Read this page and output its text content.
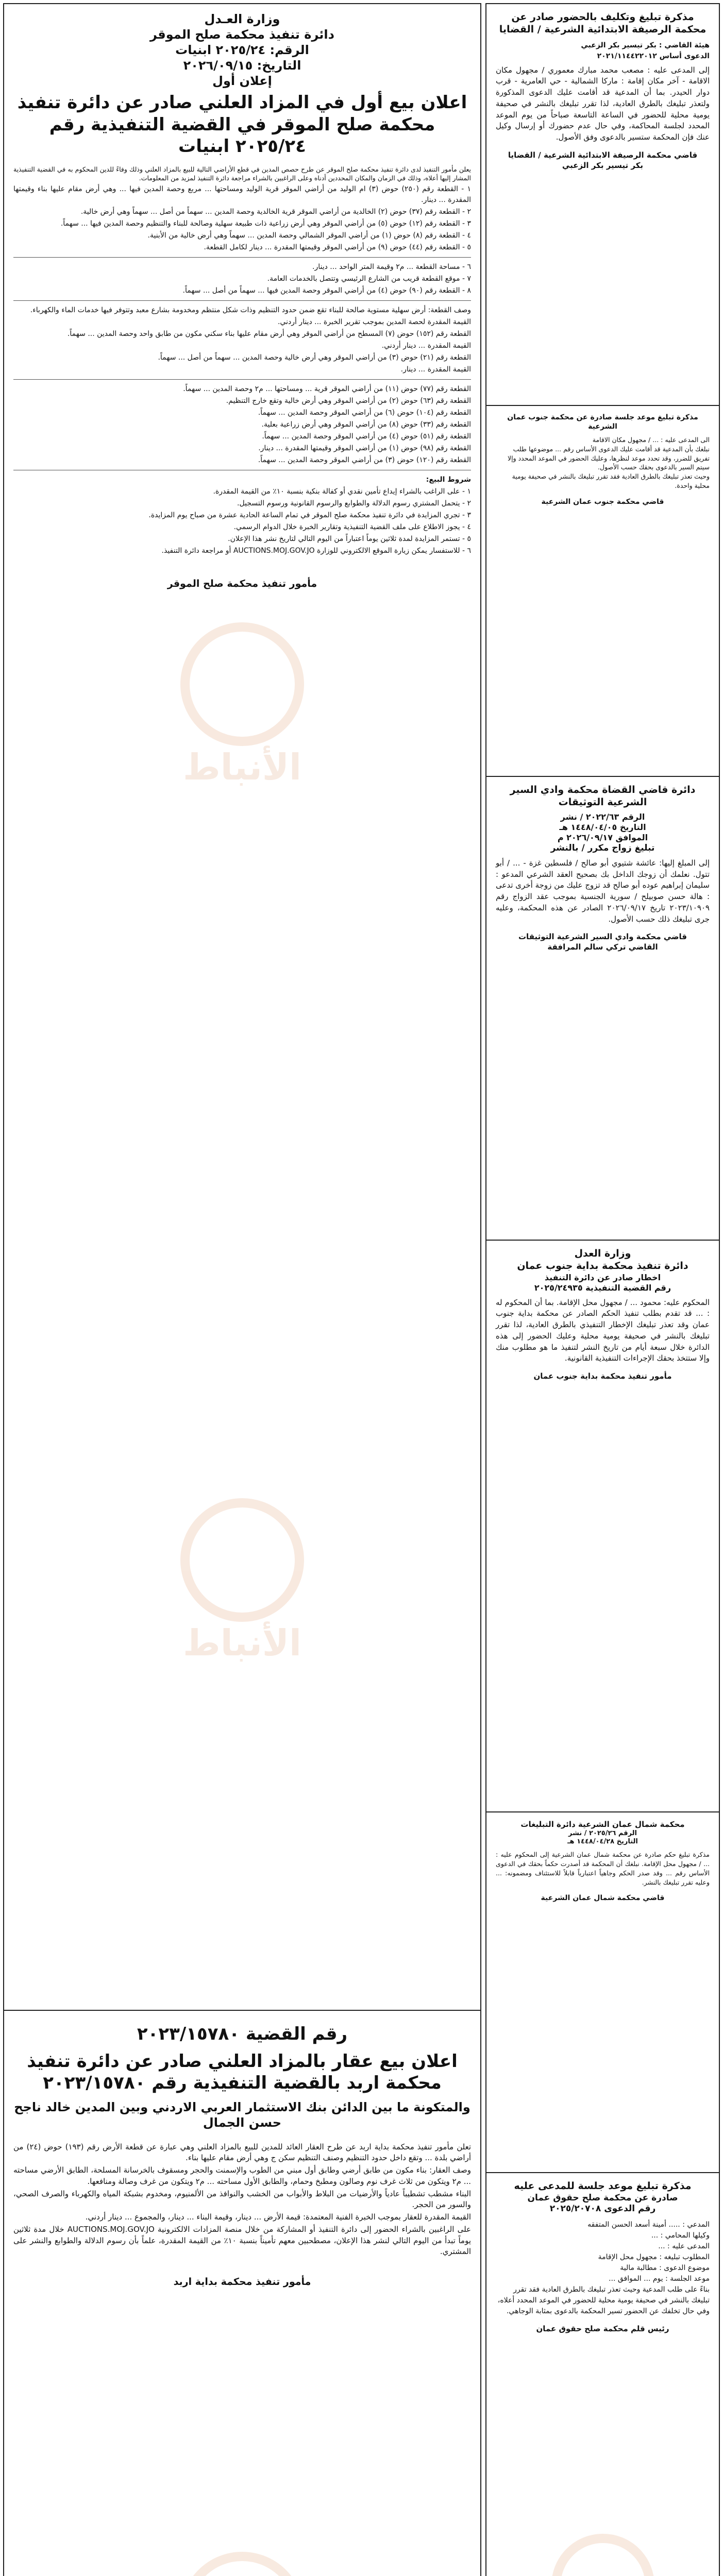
الأنباط
الأنباط
وزارة العـدل
دائرة تنفيذ محكمة صلح الموقر
الرقم: ٢٠٢٥/٢٤ ابنيات
التاريخ: ٢٠٢٦/٠٩/١٥
إعلان أول
اعلان بيع أول في المزاد العلني صادر عن دائرة تنفيذ محكمة صلح الموقر في القضية التنفيذية رقم ٢٠٢٥/٢٤ ابنيات

يعلن مأمور التنفيذ لدى دائرة تنفيذ محكمة صلح الموقر عن طرح حصص المدين في قطع الأراضي التالية للبيع بالمزاد العلني وذلك وفاءً للدين المحكوم به في القضية التنفيذية المشار إليها أعلاه، وذلك في الزمان والمكان المحددين أدناه وعلى الراغبين بالشراء مراجعة دائرة التنفيذ لمزيد من المعلومات.

١ - القطعة رقم (٢٥٠) حوض (٣) ام الوليد من أراضي الموقر قرية الوليد ومساحتها ... مربع وحصة المدين فيها ... وهي أرض مقام عليها بناء وقيمتها المقدرة ... دينار.

٢ - القطعة رقم (٣٧) حوض (٢) الخالدية من أراضي الموقر قرية الخالدية وحصة المدين ... سهماً من أصل ... سهماً وهي أرض خالية.

٣ - القطعة رقم (١٢) حوض (٥) من أراضي الموقر وهي أرض زراعية ذات طبيعة سهلية وصالحة للبناء والتنظيم وحصة المدين فيها ... سهماً.

٤ - القطعة رقم (٨) حوض (١) من أراضي الموقر الشمالي وحصة المدين ... سهماً وهي أرض خالية من الأبنية.

٥ - القطعة رقم (٤٤) حوض (٩) من أراضي الموقر وقيمتها المقدرة ... دينار لكامل القطعة.

٦ - مساحة القطعة ... م٢ وقيمة المتر الواحد ... دينار.

٧ - موقع القطعة قريب من الشارع الرئيسي وتتصل بالخدمات العامة.

٨ - القطعة رقم (٩٠) حوض (٤) من أراضي الموقر وحصة المدين فيها ... سهماً من أصل ... سهماً.

وصف القطعة: أرض سهلية مستوية صالحة للبناء تقع ضمن حدود التنظيم وذات شكل منتظم ومخدومة بشارع معبد وتتوفر فيها خدمات الماء والكهرباء.

القيمة المقدرة لحصة المدين بموجب تقرير الخبرة ... دينار أردني.

القطعة رقم (١٥٢) حوض (٧) المسطح من أراضي الموقر وهي أرض مقام عليها بناء سكني مكون من طابق واحد وحصة المدين ... سهماً.

القيمة المقدرة ... دينار أردني.

القطعة رقم (٢١) حوض (٣) من أراضي الموقر وهي أرض خالية وحصة المدين ... سهماً من أصل ... سهماً.

القيمة المقدرة ... دينار.

القطعة رقم (٧٧) حوض (١١) من أراضي الموقر قرية ... ومساحتها ... م٢ وحصة المدين ... سهماً.

القطعة رقم (٦٣) حوض (٢) من أراضي الموقر وهي أرض خالية وتقع خارج التنظيم.

القطعة رقم (١٠٤) حوض (٦) من أراضي الموقر وحصة المدين ... سهماً.

القطعة رقم (٣٣) حوض (٨) من أراضي الموقر وهي أرض زراعية بعلية.

القطعة رقم (٥١) حوض (٤) من أراضي الموقر وحصة المدين ... سهماً.

القطعة رقم (٩٨) حوض (١) من أراضي الموقر وقيمتها المقدرة ... دينار.

القطعة رقم (١٢٠) حوض (٣) من أراضي الموقر وحصة المدين ... سهماً.

شروط البيع:

١ - على الراغب بالشراء إيداع تأمين نقدي أو كفالة بنكية بنسبة ١٠٪ من القيمة المقدرة.

٢ - يتحمل المشتري رسوم الدلالة والطوابع والرسوم القانونية ورسوم التسجيل.

٣ - تجري المزايدة في دائرة تنفيذ محكمة صلح الموقر في تمام الساعة الحادية عشرة من صباح يوم المزايدة.

٤ - يجوز الاطلاع على ملف القضية التنفيذية وتقارير الخبرة خلال الدوام الرسمي.

٥ - تستمر المزايدة لمدة ثلاثين يوماً اعتباراً من اليوم التالي لتاريخ نشر هذا الإعلان.

٦ - للاستفسار يمكن زيارة الموقع الالكتروني للوزارة AUCTIONS.MOJ.GOV.JO أو مراجعة دائرة التنفيذ.

مأمور تنفيذ محكمة صلح الموقر
رقم القضية ٢٠٢٣/١٥٧٨٠
اعلان بيع عقار بالمزاد العلني صادر عن دائرة تنفيذ محكمة اربد بالقضية التنفيذية رقم ٢٠٢٣/١٥٧٨٠
والمتكونة ما بين الدائن بنك الاستثمار العربي الاردني وبين المدين خالد ناجح حسن الجمال

تعلن مأمور تنفيذ محكمة بداية اربد عن طرح العقار العائد للمدين للبيع بالمزاد العلني وهي عبارة عن قطعة الأرض رقم (١٩٣) حوض (٢٤) من أراضي بلدة ... وتقع داخل حدود التنظيم وصنف التنظيم سكن ج وهي أرض مقام عليها بناء.

وصف العقار: بناء مكون من طابق أرضي وطابق أول مبني من الطوب والإسمنت والحجر ومسقوف بالخرسانة المسلحة، الطابق الأرضي مساحته ... م٢ ويتكون من ثلاث غرف نوم وصالون ومطبخ وحمام، والطابق الأول مساحته ... م٢ ويتكون من غرف وصالة ومنافعها.

البناء مشطب تشطيباً عادياً والأرضيات من البلاط والأبواب من الخشب والنوافذ من الألمنيوم، ومخدوم بشبكة المياه والكهرباء والصرف الصحي، والسور من الحجر.

القيمة المقدرة للعقار بموجب الخبرة الفنية المعتمدة: قيمة الأرض ... دينار، وقيمة البناء ... دينار، والمجموع ... دينار أردني.

على الراغبين بالشراء الحضور إلى دائرة التنفيذ أو المشاركة من خلال منصة المزادات الالكترونية AUCTIONS.MOJ.GOV.JO خلال مدة ثلاثين يوماً تبدأ من اليوم التالي لنشر هذا الإعلان، مصطحبين معهم تأميناً بنسبة ١٠٪ من القيمة المقدرة، علماً بأن رسوم الدلالة والطوابع والنشر على المشتري.

مأمور تنفيذ محكمة بداية اربد
مذكرة تبليغ وتكليف بالحضور صادر عن محكمة الرصيفة الابتدائية الشرعية / القضايا
هيئة القاضي : بكر تيسير بكر الزعبي
الدعوى أساس ٢٠٢١/١١٤٤٢٢٠١٢

إلى المدعى عليه : مصعب محمد مبارك معموري / مجهول مكان الاقامة - آخر مكان إقامة : ماركا الشمالية - حي العامرية - قرب دوار الحيدر. بما أن المدعية قد أقامت عليك الدعوى المذكورة ولتعذر تبليغك بالطرق العادية، لذا تقرر تبليغك بالنشر في صحيفة يومية محلية للحضور في الساعة التاسعة صباحاً من يوم الموعد المحدد لجلسة المحاكمة، وفي حال عدم حضورك أو إرسال وكيل عنك فإن المحكمة ستسير بالدعوى وفق الأصول.

قاضي محكمة الرصيفة الابتدائية الشرعية / القضايا
بكر تيسير بكر الزعبي
مذكرة تبليغ موعد جلسة صادرة عن محكمة جنوب عمان الشرعية

الى المدعى عليه : ... / مجهول مكان الاقامة

نبلغك بأن المدعية قد أقامت عليك الدعوى الأساس رقم ... موضوعها طلب تفريق للضرر، وقد تحدد موعد لنظرها، وعليك الحضور في الموعد المحدد وإلا سيتم السير بالدعوى بحقك حسب الأصول.

وحيث تعذر تبليغك بالطرق العادية فقد تقرر تبليغك بالنشر في صحيفة يومية محلية واحدة.

قاضي محكمة جنوب عمان الشرعية
دائرة قاضي القضاة محكمة وادي السير الشرعية التوثيقات
الرقم ٢٠٢٢/٦٣ / نشر
التاريخ ١٤٤٨/٠٤/٠٥ هـ
الموافق ٢٠٢٦/٠٩/١٧ م
تبليغ زواج مكرر / بالنشر

إلى المبلغ إليها: عائشة شتيوي أبو صالح / فلسطين غزة - ... / أبو تتول. نعلمك أن زوجك الداخل بك بصحيح العقد الشرعي المدعو : سليمان إبراهيم عوده أبو صالح قد تزوج عليك من زوجة أخرى تدعى : هالة حسن صوبيلح / سورية الجنسية بموجب عقد الزواج رقم ٢٠٢٣/١٠٩٠٩ تاريخ ٢٠٢٦/٠٩/١٧ الصادر عن هذه المحكمة، وعليه جرى تبليغك ذلك حسب الأصول.

قاضي محكمة وادي السير الشرعية التوثيقات
القاضي تركي سالم المرافقة
وزارة العدل
دائرة تنفيذ محكمة بداية جنوب عمان
اخطار صادر عن دائرة التنفيذ
رقم القضية التنفيذية ٢٠٢٥/٢٤٩٣٥

المحكوم عليه: محمود ... / مجهول محل الإقامة. بما أن المحكوم له : ... قد تقدم بطلب تنفيذ الحكم الصادر عن محكمة بداية جنوب عمان وقد تعذر تبليغك الإخطار التنفيذي بالطرق العادية، لذا تقرر تبليغك بالنشر في صحيفة يومية محلية وعليك الحضور إلى هذه الدائرة خلال سبعة أيام من تاريخ النشر لتنفيذ ما هو مطلوب منك وإلا ستتخذ بحقك الإجراءات التنفيذية القانونية.

مأمور تنفيذ محكمة بداية جنوب عمان
محكمة شمال عمان الشرعية دائرة التبليغات
الرقم ٢٠٢٥/٢٦ / نشر
التاريخ ١٤٤٨/٠٤/٢٨ هـ

مذكرة تبليغ حكم صادرة عن محكمة شمال عمان الشرعية إلى المحكوم عليه : ... / مجهول محل الإقامة. نبلغك أن المحكمة قد أصدرت حكماً بحقك في الدعوى الأساس رقم ... وقد صدر الحكم وجاهياً اعتبارياً قابلاً للاستئناف ومضمونه: ... وعليه تقرر تبليغك بالنشر.

قاضي محكمة شمال عمان الشرعية
مذكرة تبليغ موعد جلسة للمدعى عليه
صادرة عن محكمة صلح حقوق عمان
رقم الدعوى ٢٠٢٥/٢٠٧٠٨

المدعي : ..... أمينة أسعد الحسن المتفقه

وكيلها المحامي : ...

المدعى عليه : ...

المطلوب تبليغه : مجهول محل الإقامة

موضوع الدعوى : مطالبة مالية

موعد الجلسة : يوم ... الموافق ...

بناءً على طلب المدعية وحيث تعذر تبليغك بالطرق العادية فقد تقرر تبليغك بالنشر في صحيفة يومية محلية للحضور في الموعد المحدد أعلاه، وفي حال تخلفك عن الحضور تسير المحكمة بالدعوى بمثابة الوجاهي.

رئيس قلم محكمة صلح حقوق عمان
